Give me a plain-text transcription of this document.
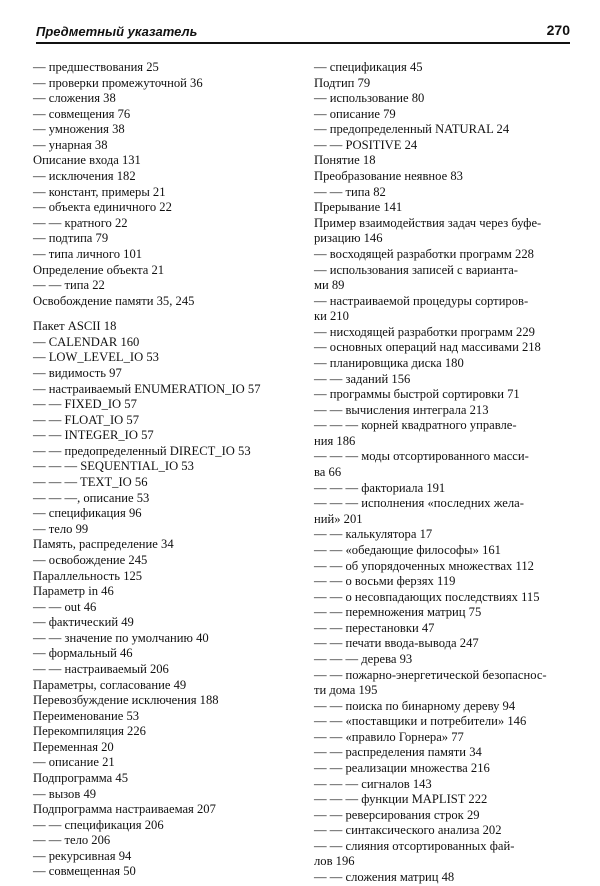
Предметный указатель	270
— предшествования 25
— проверки промежуточной 36
— сложения 38
— совмещения 76
— умножения 38
— унарная 38
Описание входа 131
— исключения 182
— констант, примеры 21
— объекта единичного 22
— — кратного 22
— подтипа 79
— типа личного 101
Определение объекта 21
— — типа 22
Освобождение памяти 35, 245
Пакет ASCII 18
— CALENDAR 160
— LOW_LEVEL_IO 53
— видимость 97
— настраиваемый ENUMERATION_IO 57
— — FIXED_IO 57
— — FLOAT_IO 57
— — INTEGER_IO 57
— — предопределенный DIRECT_IO 53
— — — SEQUENTIAL_IO 53
— — — TEXT_IO 56
— — —, описание 53
— спецификация 96
— тело 99
Память, распределение 34
— освобождение 245
Параллельность 125
Параметр in 46
— — out 46
— фактический 49
— — значение по умолчанию 40
— формальный 46
— — настраиваемый 206
Параметры, согласование 49
Перевозбуждение исключения 188
Переименование 53
Перекомпиляция 226
Переменная 20
— описание 21
Подпрограмма 45
— вызов 49
Подпрограмма настраиваемая 207
— — спецификация 206
— — тело 206
— рекурсивная 94
— совмещенная 50
— спецификация 45
Подтип 79
— использование 80
— описание 79
— предопределенный NATURAL 24
— — POSITIVE 24
Понятие 18
Преобразование неявное 83
— — типа 82
Прерывание 141
Пример взаимодействия задач через буфе-
ризацию 146
— восходящей разработки программ 228
— использования записей с варианта-
ми 89
— настраиваемой процедуры сортиров-
ки 210
— нисходящей разработки программ 229
— основных операций над массивами 218
— планировщика диска 180
— — заданий 156
— программы быстрой сортировки 71
— — вычисления интеграла 213
— — — корней квадратного управле-
ния 186
— — — моды отсортированного масси-
ва 66
— — — факториала 191
— — — исполнения «последних жела-
ний» 201
— — калькулятора 17
— — «обедающие философы» 161
— — об упорядоченных множествах 112
— — о восьми ферзях 119
— — о несовпадающих последствиях 115
— — перемножения матриц 75
— — перестановки 47
— — печати ввода-вывода 247
— — — дерева 93
— — пожарно-энергетической безопаснос-
ти дома 195
— — поиска по бинарному дереву 94
— — «поставщики и потребители» 146
— — «правило Горнера» 77
— — распределения памяти 34
— — реализации множества 216
— — — сигналов 143
— — — функции MAPLIST 222
— — реверсирования строк 29
— — синтаксического анализа 202
— — слияния отсортированных фай-
лов 196
— — сложения матриц 48
